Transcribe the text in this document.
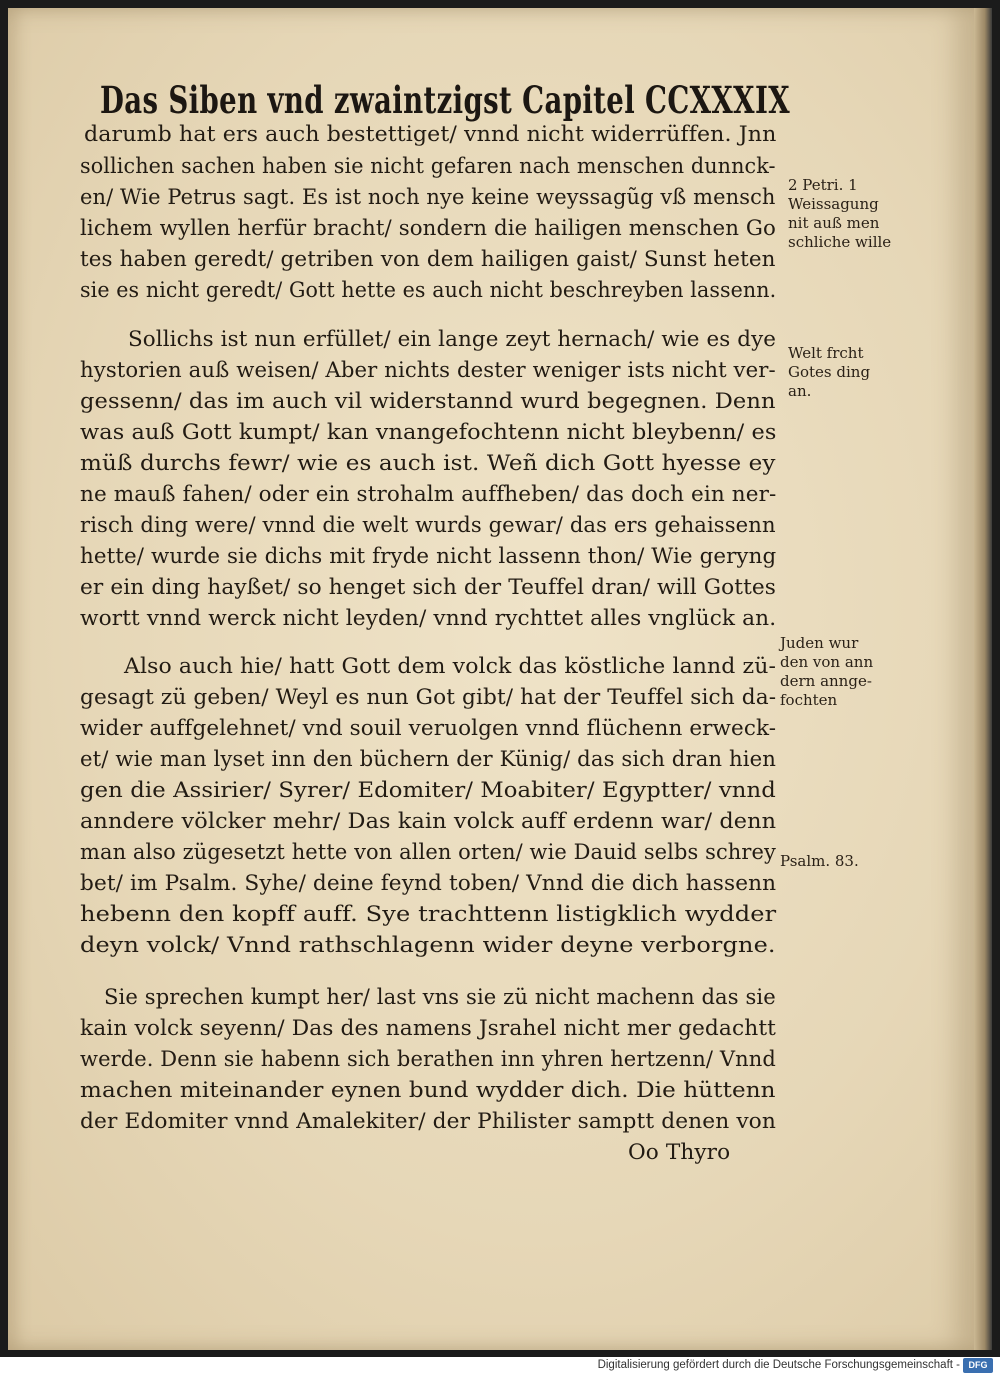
Das Siben vnd zwaintzigst Capitel CCXXXIX
darumb hat ers auch bestettiget/ vnnd nicht widerrüffen. Jnn
sollichen sachen haben sie nicht gefaren nach menschen dunnck-
en/ Wie Petrus sagt. Es ist noch nye keine weyssagũg vß mensch
lichem wyllen herfür bracht/ sondern die hailigen menschen Go
tes haben geredt/ getriben von dem hailigen gaist/ Sunst heten
sie es nicht geredt/ Gott hette es auch nicht beschreyben lassenn.
Sollichs ist nun erfüllet/ ein lange zeyt hernach/ wie es dye
hystorien auß weisen/ Aber nichts dester weniger ists nicht ver-
gessenn/ das im auch vil widerstannd wurd begegnen. Denn
was auß Gott kumpt/ kan vnangefochtenn nicht bleybenn/ es
müß durchs fewr/ wie es auch ist. Weñ dich Gott hyesse ey
ne mauß fahen/ oder ein strohalm auffheben/ das doch ein ner-
risch ding were/ vnnd die welt wurds gewar/ das ers gehaissenn
hette/ wurde sie dichs mit fryde nicht lassenn thon/ Wie geryng
er ein ding hayßet/ so henget sich der Teuffel dran/ will Gottes
wortt vnnd werck nicht leyden/ vnnd rychttet alles vnglück an.
Also auch hie/ hatt Gott dem volck das köstliche lannd zü-
gesagt zü geben/ Weyl es nun Got gibt/ hat der Teuffel sich da-
wider auffgelehnet/ vnd souil veruolgen vnnd flüchenn erweck-
et/ wie man lyset inn den büchern der Künig/ das sich dran hien
gen die Assirier/ Syrer/ Edomiter/ Moabiter/ Egyptter/ vnnd
anndere völcker mehr/ Das kain volck auff erdenn war/ denn
man also zügesetzt hette von allen orten/ wie Dauid selbs schrey
bet/ im Psalm. Syhe/ deine feynd toben/ Vnnd die dich hassenn
hebenn den kopff auff. Sye trachttenn listigklich wydder
deyn volck/ Vnnd rathschlagenn wider deyne verborgne.
Sie sprechen kumpt her/ last vns sie zü nicht machenn das sie
kain volck seyenn/ Das des namens Jsrahel nicht mer gedachtt
werde. Denn sie habenn sich berathen inn yhren hertzenn/ Vnnd
machen miteinander eynen bund wydder dich. Die hüttenn
der Edomiter vnnd Amalekiter/ der Philister samptt denen von
Oo Thyro
2 Petri. 1
Weissagung
nit auß men
schliche wille
Welt frcht
Gotes ding
an.
Juden wur
den von ann
dern annge-
fochten
Psalm. 83.
Digitalisierung gefördert durch die Deutsche Forschungsgemeinschaft - DFG
